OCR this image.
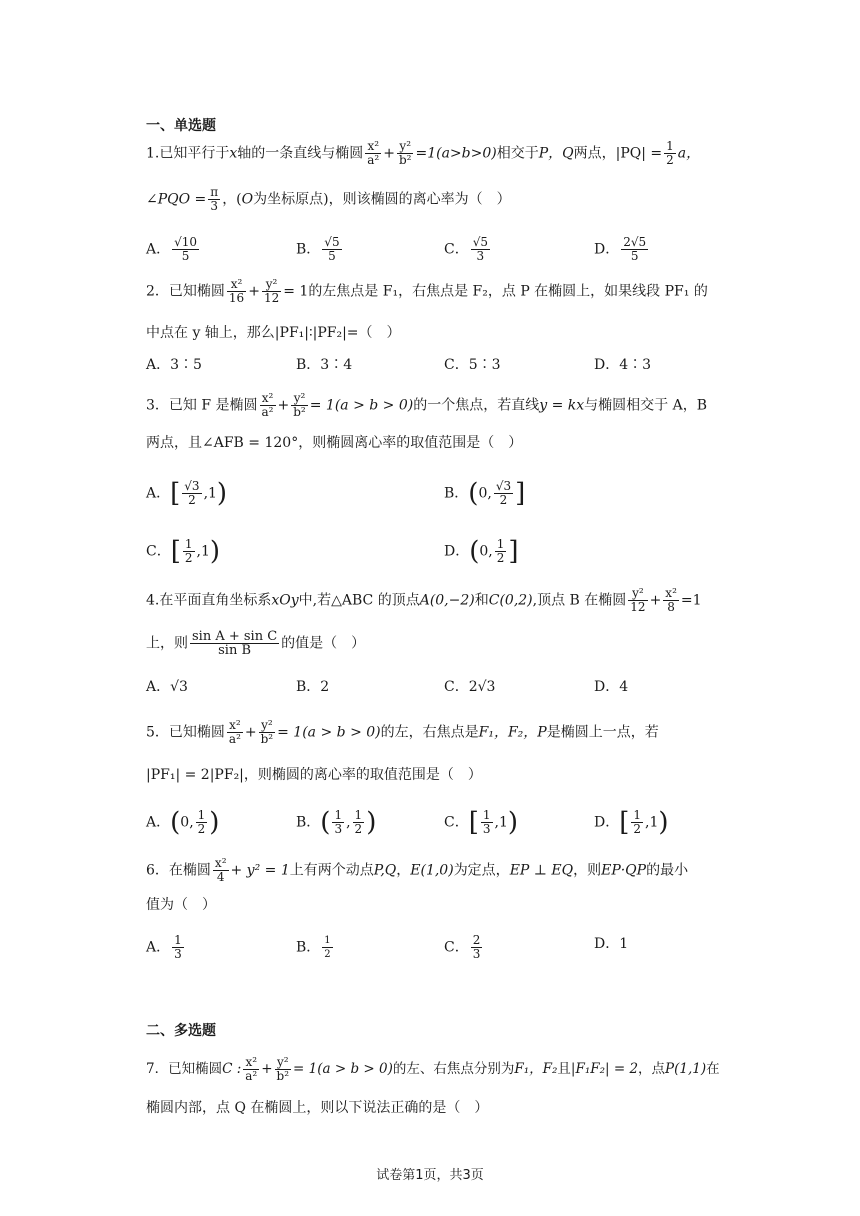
一、单选题
1.已知平行于x轴的一条直线与椭圆 $\frac{\text{x²}}{\text{a²}} + \frac{\text{y²}}{\text{b²}} =1(a>b>0)$相交于P，Q两点，$|PQ| = \frac{1}{2}$ a，
∠PQO = $\frac{\pi}{3}$ ，(O为坐标原点)，则该椭圆的离心率为（　）
A． $\frac{√10}{5}$	B． $\frac{√5}{5}$	C． $\frac{√5}{3}$	D． $\frac{2√5}{5}$
2．已知椭圆 $\frac{\text{x²}}{16} + \frac{\text{y²}}{12} = 1$的左焦点是 F₁，右焦点是 F₂，点 P 在椭圆上，如果线段 PF₁ 的
中点在 y 轴上，那么|PF₁|∶|PF₂|=（　）
A．3∶5	B．3∶4	C．5∶3	D．4∶3
3．已知 F 是椭圆 $\frac{\text{x²}}{\text{a²}} + \frac{\text{y²}}{\text{b²}} = 1(a > b > 0)$的一个焦点，若直线y = kx与椭圆相交于 A，B
两点，且∠AFB = 120°，则椭圆离心率的取值范围是（　）
A．[ $\frac{√3}{2} ,1$)	B．(0, $\frac{√3}{2}$ ]
C．[ $\frac{1}{2} ,1$)	D．(0, $\frac{1}{2}$ ]
4.在平面直角坐标系xOy中,若△ABC 的顶点A(0,−2)和C(0,2),顶点 B 在椭圆 $\frac{\text{y²}}{12} + \frac{\text{x²}}{8} =1$
上，则 $\frac{\text{sin A + sin C}}{\text{sin B}}$ 的值是（　）
A．√3	B．2	C．2√3	D．4
5．已知椭圆 $\frac{\text{x²}}{\text{a²}} + \frac{\text{y²}}{\text{b²}} = 1(a > b > 0)$的左，右焦点是F₁，F₂，P是椭圆上一点，若
|PF₁| = 2|PF₂|，则椭圆的离心率的取值范围是（　）
A．(0, $\frac{1}{2}$ )	B．( $\frac{1}{3}$ , $\frac{1}{2}$ )	C．[ $\frac{1}{3} ,1$)	D．[ $\frac{1}{2} ,1$)
6．在椭圆 $\frac{\text{x²}}{4} + y^2 = 1$上有两个动点P,Q，E(1,0)为定点，EP ⊥ EQ，则EP·QP的最小
值为（　）
A． $\frac{1}{3}$	B． $\frac{1}{2}$	C． $\frac{2}{3}$	D．1
二、多选题
7．已知椭圆C : $\frac{\text{x²}}{\text{a²}} + \frac{\text{y²}}{\text{b²}} = 1(a > b > 0)$的左、右焦点分别为F₁，F₂且|F₁F₂| = 2，点P(1,1)在
椭圆内部，点 Q 在椭圆上，则以下说法正确的是（　）
试卷第1页，共3页
